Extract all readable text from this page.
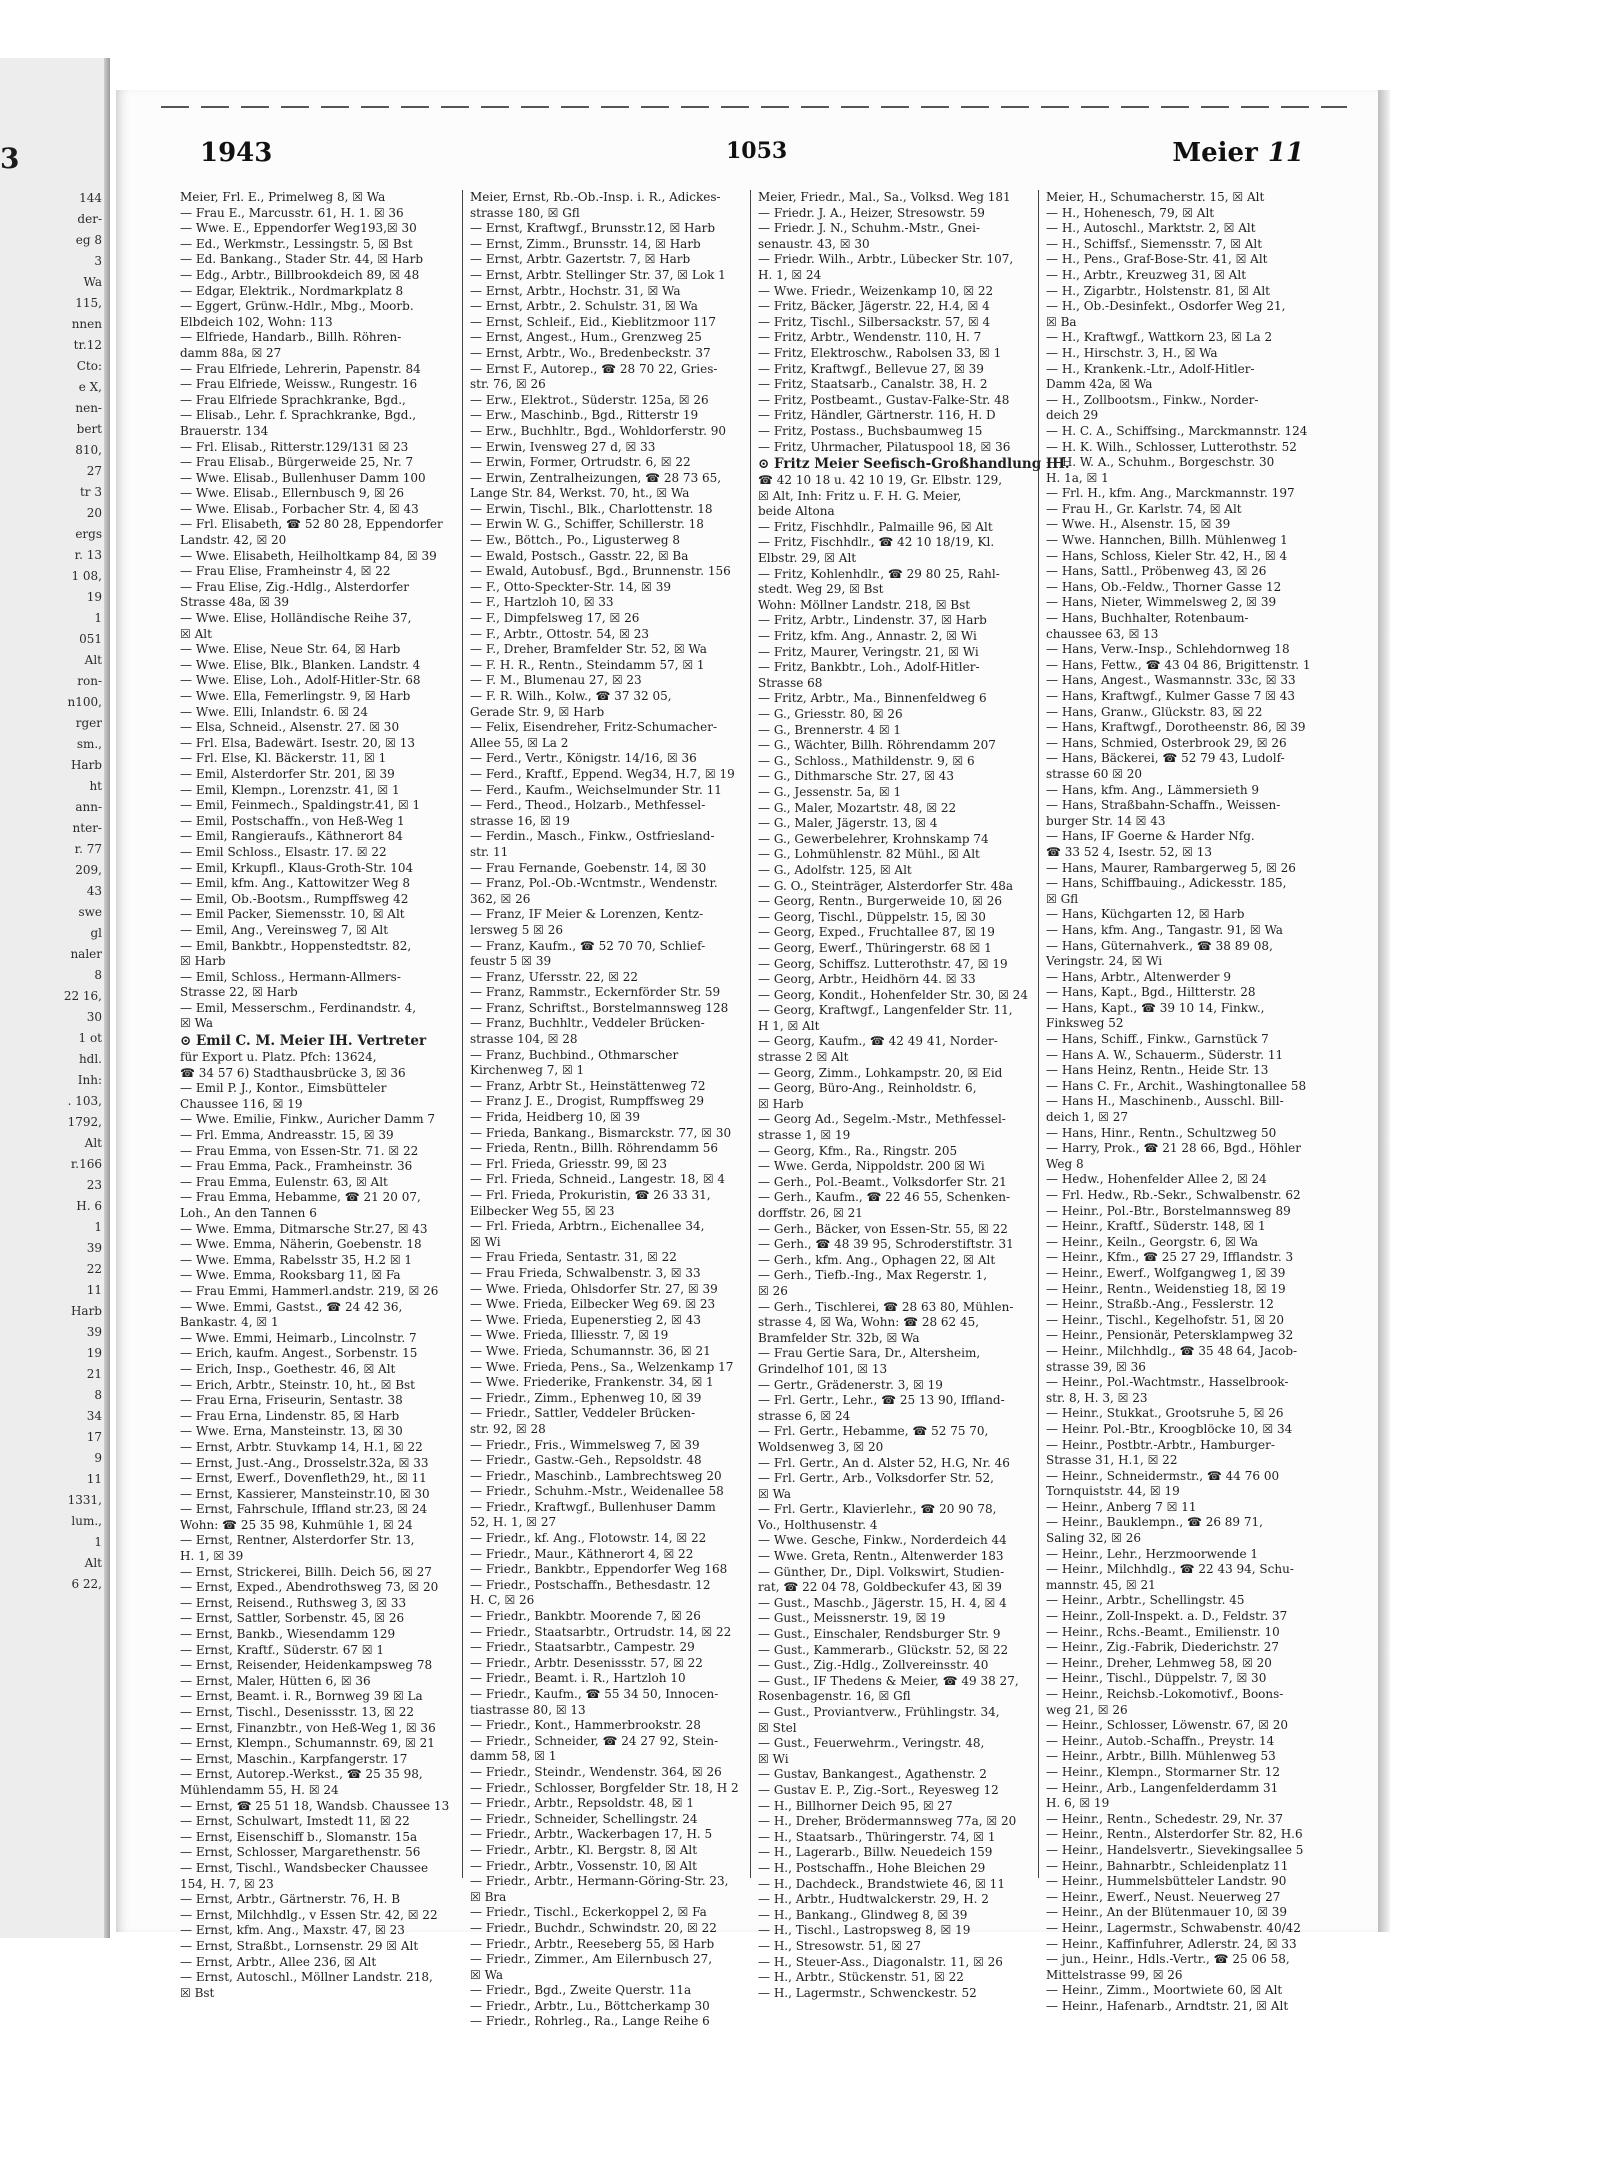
3
144
der-
eg 8
3
Wa
115,
nnen
tr.12
Cto:
e X,
nen-
bert
810,
27
tr 3
20
ergs
r. 13
1 08,
19
1
051
Alt
ron-
n100,
rger
sm.,
Harb
ht
ann-
nter-
r. 77
209,
43
swe
gl
naler
8
22 16,
30
1 ot
hdl.
Inh:
. 103,
1792,
Alt
r.166
23
H. 6
1
39
22
11
Harb
39
19
21
8
34
17
9
11
1331,
lum.,
1
Alt
6 22,
1943	1053	Meier 11
Meier, Frl. E., Primelweg 8, ☒ Wa
— Frau E., Marcusstr. 61, H. 1. ☒ 36
— Wwe. E., Eppendorfer Weg193,☒ 30
— Ed., Werkmstr., Lessingstr. 5, ☒ Bst
— Ed. Bankang., Stader Str. 44, ☒ Harb
— Edg., Arbtr., Billbrookdeich 89, ☒ 48
— Edgar, Elektrik., Nordmarkplatz 8
— Eggert, Grünw.-Hdlr., Mbg., Moorb.
Elbdeich 102, Wohn: 113
— Elfriede, Handarb., Billh. Röhren-
damm 88a, ☒ 27
— Frau Elfriede, Lehrerin, Papenstr. 84
— Frau Elfriede, Weissw., Rungestr. 16
— Frau Elfriede Sprachkranke, Bgd.,
— Elisab., Lehr. f. Sprachkranke, Bgd.,
Brauerstr. 134
— Frl. Elisab., Ritterstr.129/131 ☒ 23
— Frau Elisab., Bürgerweide 25, Nr. 7
— Wwe. Elisab., Bullenhuser Damm 100
— Wwe. Elisab., Ellernbusch 9, ☒ 26
— Wwe. Elisab., Forbacher Str. 4, ☒ 43
— Frl. Elisabeth, ☎ 52 80 28, Eppendorfer
Landstr. 42, ☒ 20
— Wwe. Elisabeth, Heilholtkamp 84, ☒ 39
— Frau Elise, Framheinstr 4, ☒ 22
— Frau Elise, Zig.-Hdlg., Alsterdorfer
Strasse 48a, ☒ 39
— Wwe. Elise, Holländische Reihe 37,
☒ Alt
— Wwe. Elise, Neue Str. 64, ☒ Harb
— Wwe. Elise, Blk., Blanken. Landstr. 4
— Wwe. Elise, Loh., Adolf-Hitler-Str. 68
— Wwe. Ella, Femerlingstr. 9, ☒ Harb
— Wwe. Elli, Inlandstr. 6. ☒ 24
— Elsa, Schneid., Alsenstr. 27. ☒ 30
— Frl. Elsa, Badewärt. Isestr. 20, ☒ 13
— Frl. Else, Kl. Bäckerstr. 11, ☒ 1
— Emil, Alsterdorfer Str. 201, ☒ 39
— Emil, Klempn., Lorenzstr. 41, ☒ 1
— Emil, Feinmech., Spaldingstr.41, ☒ 1
— Emil, Postschaffn., von Heß-Weg 1
— Emil, Rangieraufs., Käthnerort 84
— Emil Schloss., Elsastr. 17. ☒ 22
— Emil, Krkupfl., Klaus-Groth-Str. 104
— Emil, kfm. Ang., Kattowitzer Weg 8
— Emil, Ob.-Bootsm., Rumpffsweg 42
— Emil Packer, Siemensstr. 10, ☒ Alt
— Emil, Ang., Vereinsweg 7, ☒ Alt
— Emil, Bankbtr., Hoppenstedtstr. 82,
☒ Harb
— Emil, Schloss., Hermann-Allmers-
Strasse 22, ☒ Harb
— Emil, Messerschm., Ferdinandstr. 4,
☒ Wa
⊙ Emil C. M. Meier IH. Vertreter
für Export u. Platz. Pfch: 13624,
☎ 34 57 6) Stadthausbrücke 3, ☒ 36
— Emil P. J., Kontor., Eimsbütteler
Chaussee 116, ☒ 19
— Wwe. Emilie, Finkw., Auricher Damm 7
— Frl. Emma, Andreasstr. 15, ☒ 39
— Frau Emma, von Essen-Str. 71. ☒ 22
— Frau Emma, Pack., Framheinstr. 36
— Frau Emma, Eulenstr. 63, ☒ Alt
— Frau Emma, Hebamme, ☎ 21 20 07,
Loh., An den Tannen 6
— Wwe. Emma, Ditmarsche Str.27, ☒ 43
— Wwe. Emma, Näherin, Goebenstr. 18
— Wwe. Emma, Rabelsstr 35, H.2 ☒ 1
— Wwe. Emma, Rooksbarg 11, ☒ Fa
— Frau Emmi, Hammerl.andstr. 219, ☒ 26
— Wwe. Emmi, Gastst., ☎ 24 42 36,
Bankastr. 4, ☒ 1
— Wwe. Emmi, Heimarb., Lincolnstr. 7
— Erich, kaufm. Angest., Sorbenstr. 15
— Erich, Insp., Goethestr. 46, ☒ Alt
— Erich, Arbtr., Steinstr. 10, ht., ☒ Bst
— Frau Erna, Friseurin, Sentastr. 38
— Frau Erna, Lindenstr. 85, ☒ Harb
— Wwe. Erna, Mansteinstr. 13, ☒ 30
— Ernst, Arbtr. Stuvkamp 14, H.1, ☒ 22
— Ernst, Just.-Ang., Drosselstr.32a, ☒ 33
— Ernst, Ewerf., Dovenfleth29, ht., ☒ 11
— Ernst, Kassierer, Mansteinstr.10, ☒ 30
— Ernst, Fahrschule, Iffland str.23, ☒ 24
Wohn: ☎ 25 35 98, Kuhmühle 1, ☒ 24
— Ernst, Rentner, Alsterdorfer Str. 13,
H. 1, ☒ 39
— Ernst, Strickerei, Billh. Deich 56, ☒ 27
— Ernst, Exped., Abendrothsweg 73, ☒ 20
— Ernst, Reisend., Ruthsweg 3, ☒ 33
— Ernst, Sattler, Sorbenstr. 45, ☒ 26
— Ernst, Bankb., Wiesendamm 129
— Ernst, Kraftf., Süderstr. 67 ☒ 1
— Ernst, Reisender, Heidenkampsweg 78
— Ernst, Maler, Hütten 6, ☒ 36
— Ernst, Beamt. i. R., Bornweg 39 ☒ La
— Ernst, Tischl., Desenissstr. 13, ☒ 22
— Ernst, Finanzbtr., von Heß-Weg 1, ☒ 36
— Ernst, Klempn., Schumannstr. 69, ☒ 21
— Ernst, Maschin., Karpfangerstr. 17
— Ernst, Autorep.-Werkst., ☎ 25 35 98,
Mühlendamm 55, H. ☒ 24
— Ernst, ☎ 25 51 18, Wandsb. Chaussee 13
— Ernst, Schulwart, Imstedt 11, ☒ 22
— Ernst, Eisenschiff b., Slomanstr. 15a
— Ernst, Schlosser, Margarethenstr. 56
— Ernst, Tischl., Wandsbecker Chaussee
154, H. 7, ☒ 23
— Ernst, Arbtr., Gärtnerstr. 76, H. B
— Ernst, Milchhdlg., v Essen Str. 42, ☒ 22
— Ernst, kfm. Ang., Maxstr. 47, ☒ 23
— Ernst, Straßbt., Lornsenstr. 29 ☒ Alt
— Ernst, Arbtr., Allee 236, ☒ Alt
— Ernst, Autoschl., Möllner Landstr. 218,
☒ Bst
Meier, Ernst, Rb.-Ob.-Insp. i. R., Adickes-
strasse 180, ☒ Gfl
— Ernst, Kraftwgf., Brunsstr.12, ☒ Harb
— Ernst, Zimm., Brunsstr. 14, ☒ Harb
— Ernst, Arbtr. Gazertstr. 7, ☒ Harb
— Ernst, Arbtr. Stellinger Str. 37, ☒ Lok 1
— Ernst, Arbtr., Hochstr. 31, ☒ Wa
— Ernst, Arbtr., 2. Schulstr. 31, ☒ Wa
— Ernst, Schleif., Eid., Kieblitzmoor 117
— Ernst, Angest., Hum., Grenzweg 25
— Ernst, Arbtr., Wo., Bredenbeckstr. 37
— Ernst F., Autorep., ☎ 28 70 22, Gries-
str. 76, ☒ 26
— Erw., Elektrot., Süderstr. 125a, ☒ 26
— Erw., Maschinb., Bgd., Ritterstr 19
— Erw., Buchhltr., Bgd., Wohldorferstr. 90
— Erwin, Ivensweg 27 d, ☒ 33
— Erwin, Former, Ortrudstr. 6, ☒ 22
— Erwin, Zentralheizungen, ☎ 28 73 65,
Lange Str. 84, Werkst. 70, ht., ☒ Wa
— Erwin, Tischl., Blk., Charlottenstr. 18
— Erwin W. G., Schiffer, Schillerstr. 18
— Ew., Böttch., Po., Ligusterweg 8
— Ewald, Postsch., Gasstr. 22, ☒ Ba
— Ewald, Autobusf., Bgd., Brunnenstr. 156
— F., Otto-Speckter-Str. 14, ☒ 39
— F., Hartzloh 10, ☒ 33
— F., Dimpfelsweg 17, ☒ 26
— F., Arbtr., Ottostr. 54, ☒ 23
— F., Dreher, Bramfelder Str. 52, ☒ Wa
— F. H. R., Rentn., Steindamm 57, ☒ 1
— F. M., Blumenau 27, ☒ 23
— F. R. Wilh., Kolw., ☎ 37 32 05,
Gerade Str. 9, ☒ Harb
— Felix, Eisendreher, Fritz-Schumacher-
Allee 55, ☒ La 2
— Ferd., Vertr., Königstr. 14/16, ☒ 36
— Ferd., Kraftf., Eppend. Weg34, H.7, ☒ 19
— Ferd., Kaufm., Weichselmunder Str. 11
— Ferd., Theod., Holzarb., Methfessel-
strasse 16, ☒ 19
— Ferdin., Masch., Finkw., Ostfriesland-
str. 11
— Frau Fernande, Goebenstr. 14, ☒ 30
— Franz, Pol.-Ob.-Wcntmstr., Wendenstr.
362, ☒ 26
— Franz, IF Meier & Lorenzen, Kentz-
lersweg 5 ☒ 26
— Franz, Kaufm., ☎ 52 70 70, Schlief-
feustr 5 ☒ 39
— Franz, Ufersstr. 22, ☒ 22
— Franz, Rammstr., Eckernförder Str. 59
— Franz, Schriftst., Borstelmannsweg 128
— Franz, Buchhltr., Veddeler Brücken-
strasse 104, ☒ 28
— Franz, Buchbind., Othmarscher
Kirchenweg 7, ☒ 1
— Franz, Arbtr St., Heinstättenweg 72
— Franz J. E., Drogist, Rumpffsweg 29
— Frida, Heidberg 10, ☒ 39
— Frieda, Bankang., Bismarckstr. 77, ☒ 30
— Frieda, Rentn., Billh. Röhrendamm 56
— Frl. Frieda, Griesstr. 99, ☒ 23
— Frl. Frieda, Schneid., Langestr. 18, ☒ 4
— Frl. Frieda, Prokuristin, ☎ 26 33 31,
Eilbecker Weg 55, ☒ 23
— Frl. Frieda, Arbtrn., Eichenallee 34,
☒ Wi
— Frau Frieda, Sentastr. 31, ☒ 22
— Frau Frieda, Schwalbenstr. 3, ☒ 33
— Wwe. Frieda, Ohlsdorfer Str. 27, ☒ 39
— Wwe. Frieda, Eilbecker Weg 69. ☒ 23
— Wwe. Frieda, Eupenerstieg 2, ☒ 43
— Wwe. Frieda, Illiesstr. 7, ☒ 19
— Wwe. Frieda, Schumannstr. 36, ☒ 21
— Wwe. Frieda, Pens., Sa., Welzenkamp 17
— Wwe. Friederike, Frankenstr. 34, ☒ 1
— Friedr., Zimm., Ephenweg 10, ☒ 39
— Friedr., Sattler, Veddeler Brücken-
str. 92, ☒ 28
— Friedr., Fris., Wimmelsweg 7, ☒ 39
— Friedr., Gastw.-Geh., Repsoldstr. 48
— Friedr., Maschinb., Lambrechtsweg 20
— Friedr., Schuhm.-Mstr., Weidenallee 58
— Friedr., Kraftwgf., Bullenhuser Damm
52, H. 1, ☒ 27
— Friedr., kf. Ang., Flotowstr. 14, ☒ 22
— Friedr., Maur., Käthnerort 4, ☒ 22
— Friedr., Bankbtr., Eppendorfer Weg 168
— Friedr., Postschaffn., Bethesdastr. 12
H. C, ☒ 26
— Friedr., Bankbtr. Moorende 7, ☒ 26
— Friedr., Staatsarbtr., Ortrudstr. 14, ☒ 22
— Friedr., Staatsarbtr., Campestr. 29
— Friedr., Arbtr. Desenissstr. 57, ☒ 22
— Friedr., Beamt. i. R., Hartzloh 10
— Friedr., Kaufm., ☎ 55 34 50, Innocen-
tiastrasse 80, ☒ 13
— Friedr., Kont., Hammerbrookstr. 28
— Friedr., Schneider, ☎ 24 27 92, Stein-
damm 58, ☒ 1
— Friedr., Steindr., Wendenstr. 364, ☒ 26
— Friedr., Schlosser, Borgfelder Str. 18, H 2
— Friedr., Arbtr., Repsoldstr. 48, ☒ 1
— Friedr., Schneider, Schellingstr. 24
— Friedr., Arbtr., Wackerbagen 17, H. 5
— Friedr., Arbtr., Kl. Bergstr. 8, ☒ Alt
— Friedr., Arbtr., Vossenstr. 10, ☒ Alt
— Friedr., Arbtr., Hermann-Göring-Str. 23,
☒ Bra
— Friedr., Tischl., Eckerkoppel 2, ☒ Fa
— Friedr., Buchdr., Schwindstr. 20, ☒ 22
— Friedr., Arbtr., Reeseberg 55, ☒ Harb
— Friedr., Zimmer., Am Eilernbusch 27,
☒ Wa
— Friedr., Bgd., Zweite Querstr. 11a
— Friedr., Arbtr., Lu., Böttcherkamp 30
— Friedr., Rohrleg., Ra., Lange Reihe 6
Meier, Friedr., Mal., Sa., Volksd. Weg 181
— Friedr. J. A., Heizer, Stresowstr. 59
— Friedr. J. N., Schuhm.-Mstr., Gnei-
senaustr. 43, ☒ 30
— Friedr. Wilh., Arbtr., Lübecker Str. 107,
H. 1, ☒ 24
— Wwe. Friedr., Weizenkamp 10, ☒ 22
— Fritz, Bäcker, Jägerstr. 22, H.4, ☒ 4
— Fritz, Tischl., Silbersackstr. 57, ☒ 4
— Fritz, Arbtr., Wendenstr. 110, H. 7
— Fritz, Elektroschw., Rabolsen 33, ☒ 1
— Fritz, Kraftwgf., Bellevue 27, ☒ 39
— Fritz, Staatsarb., Canalstr. 38, H. 2
— Fritz, Postbeamt., Gustav-Falke-Str. 48
— Fritz, Händler, Gärtnerstr. 116, H. D
— Fritz, Postass., Buchsbaumweg 15
— Fritz, Uhrmacher, Pilatuspool 18, ☒ 36
⊙ Fritz Meier Seefisch-Großhandlung IH.
☎ 42 10 18 u. 42 10 19, Gr. Elbstr. 129,
☒ Alt, Inh: Fritz u. F. H. G. Meier,
beide Altona
— Fritz, Fischhdlr., Palmaille 96, ☒ Alt
— Fritz, Fischhdlr., ☎ 42 10 18/19, Kl.
Elbstr. 29, ☒ Alt
— Fritz, Kohlenhdlr., ☎ 29 80 25, Rahl-
stedt. Weg 29, ☒ Bst
Wohn: Möllner Landstr. 218, ☒ Bst
— Fritz, Arbtr., Lindenstr. 37, ☒ Harb
— Fritz, kfm. Ang., Annastr. 2, ☒ Wi
— Fritz, Maurer, Veringstr. 21, ☒ Wi
— Fritz, Bankbtr., Loh., Adolf-Hitler-
Strasse 68
— Fritz, Arbtr., Ma., Binnenfeldweg 6
— G., Griesstr. 80, ☒ 26
— G., Brennerstr. 4 ☒ 1
— G., Wächter, Billh. Röhrendamm 207
— G., Schloss., Mathildenstr. 9, ☒ 6
— G., Dithmarsche Str. 27, ☒ 43
— G., Jessenstr. 5a, ☒ 1
— G., Maler, Mozartstr. 48, ☒ 22
— G., Maler, Jägerstr. 13, ☒ 4
— G., Gewerbelehrer, Krohnskamp 74
— G., Lohmühlenstr. 82 Mühl., ☒ Alt
— G., Adolfstr. 125, ☒ Alt
— G. O., Steinträger, Alsterdorfer Str. 48a
— Georg, Rentn., Burgerweide 10, ☒ 26
— Georg, Tischl., Düppelstr. 15, ☒ 30
— Georg, Exped., Fruchtallee 87, ☒ 19
— Georg, Ewerf., Thüringerstr. 68 ☒ 1
— Georg, Schiffsz. Lutterothstr. 47, ☒ 19
— Georg, Arbtr., Heidhörn 44. ☒ 33
— Georg, Kondit., Hohenfelder Str. 30, ☒ 24
— Georg, Kraftwgf., Langenfelder Str. 11,
H 1, ☒ Alt
— Georg, Kaufm., ☎ 42 49 41, Norder-
strasse 2 ☒ Alt
— Georg, Zimm., Lohkampstr. 20, ☒ Eid
— Georg, Büro-Ang., Reinholdstr. 6,
☒ Harb
— Georg Ad., Segelm.-Mstr., Methfessel-
strasse 1, ☒ 19
— Georg, Kfm., Ra., Ringstr. 205
— Wwe. Gerda, Nippoldstr. 200 ☒ Wi
— Gerh., Pol.-Beamt., Volksdorfer Str. 21
— Gerh., Kaufm., ☎ 22 46 55, Schenken-
dorffstr. 26, ☒ 21
— Gerh., Bäcker, von Essen-Str. 55, ☒ 22
— Gerh., ☎ 48 39 95, Schroderstiftstr. 31
— Gerh., kfm. Ang., Ophagen 22, ☒ Alt
— Gerh., Tiefb.-Ing., Max Regerstr. 1,
☒ 26
— Gerh., Tischlerei, ☎ 28 63 80, Mühlen-
strasse 4, ☒ Wa, Wohn: ☎ 28 62 45,
Bramfelder Str. 32b, ☒ Wa
— Frau Gertie Sara, Dr., Altersheim,
Grindelhof 101, ☒ 13
— Gertr., Grädenerstr. 3, ☒ 19
— Frl. Gertr., Lehr., ☎ 25 13 90, Iffland-
strasse 6, ☒ 24
— Frl. Gertr., Hebamme, ☎ 52 75 70,
Woldsenweg 3, ☒ 20
— Frl. Gertr., An d. Alster 52, H.G, Nr. 46
— Frl. Gertr., Arb., Volksdorfer Str. 52,
☒ Wa
— Frl. Gertr., Klavierlehr., ☎ 20 90 78,
Vo., Holthusenstr. 4
— Wwe. Gesche, Finkw., Norderdeich 44
— Wwe. Greta, Rentn., Altenwerder 183
— Günther, Dr., Dipl. Volkswirt, Studien-
rat, ☎ 22 04 78, Goldbeckufer 43, ☒ 39
— Gust., Maschb., Jägerstr. 15, H. 4, ☒ 4
— Gust., Meissnerstr. 19, ☒ 19
— Gust., Einschaler, Rendsburger Str. 9
— Gust., Kammerarb., Glückstr. 52, ☒ 22
— Gust., Zig.-Hdlg., Zollvereinsstr. 40
— Gust., IF Thedens & Meier, ☎ 49 38 27,
Rosenbagenstr. 16, ☒ Gfl
— Gust., Proviantverw., Frühlingstr. 34,
☒ Stel
— Gust., Feuerwehrm., Veringstr. 48,
☒ Wi
— Gustav, Bankangest., Agathenstr. 2
— Gustav E. P., Zig.-Sort., Reyesweg 12
— H., Billhorner Deich 95, ☒ 27
— H., Dreher, Brödermannsweg 77a, ☒ 20
— H., Staatsarb., Thüringerstr. 74, ☒ 1
— H., Lagerarb., Billw. Neuedeich 159
— H., Postschaffn., Hohe Bleichen 29
— H., Dachdeck., Brandstwiete 46, ☒ 11
— H., Arbtr., Hudtwalckerstr. 29, H. 2
— H., Bankang., Glindweg 8, ☒ 39
— H., Tischl., Lastropsweg 8, ☒ 19
— H., Stresowstr. 51, ☒ 27
— H., Steuer-Ass., Diagonalstr. 11, ☒ 26
— H., Arbtr., Stückenstr. 51, ☒ 22
— H., Lagermstr., Schwenckestr. 52
Meier, H., Schumacherstr. 15, ☒ Alt
— H., Hohenesch, 79, ☒ Alt
— H., Autoschl., Marktstr. 2, ☒ Alt
— H., Schiffsf., Siemensstr. 7, ☒ Alt
— H., Pens., Graf-Bose-Str. 41, ☒ Alt
— H., Arbtr., Kreuzweg 31, ☒ Alt
— H., Zigarbtr., Holstenstr. 81, ☒ Alt
— H., Ob.-Desinfekt., Osdorfer Weg 21,
☒ Ba
— H., Kraftwgf., Wattkorn 23, ☒ La 2
— H., Hirschstr. 3, H., ☒ Wa
— H., Krankenk.-Ltr., Adolf-Hitler-
Damm 42a, ☒ Wa
— H., Zollbootsm., Finkw., Norder-
deich 29
— H. C. A., Schiffsing., Marckmannstr. 124
— H. K. Wilh., Schlosser, Lutterothstr. 52
— H. W. A., Schuhm., Borgeschstr. 30
H. 1a, ☒ 1
— Frl. H., kfm. Ang., Marckmannstr. 197
— Frau H., Gr. Karlstr. 74, ☒ Alt
— Wwe. H., Alsenstr. 15, ☒ 39
— Wwe. Hannchen, Billh. Mühlenweg 1
— Hans, Schloss, Kieler Str. 42, H., ☒ 4
— Hans, Sattl., Pröbenweg 43, ☒ 26
— Hans, Ob.-Feldw., Thorner Gasse 12
— Hans, Nieter, Wimmelsweg 2, ☒ 39
— Hans, Buchhalter, Rotenbaum-
chaussee 63, ☒ 13
— Hans, Verw.-Insp., Schlehdornweg 18
— Hans, Fettw., ☎ 43 04 86, Brigittenstr. 1
— Hans, Angest., Wasmannstr. 33c, ☒ 33
— Hans, Kraftwgf., Kulmer Gasse 7 ☒ 43
— Hans, Granw., Glückstr. 83, ☒ 22
— Hans, Kraftwgf., Dorotheenstr. 86, ☒ 39
— Hans, Schmied, Osterbrook 29, ☒ 26
— Hans, Bäckerei, ☎ 52 79 43, Ludolf-
strasse 60 ☒ 20
— Hans, kfm. Ang., Lämmersieth 9
— Hans, Straßbahn-Schaffn., Weissen-
burger Str. 14 ☒ 43
— Hans, IF Goerne & Harder Nfg.
☎ 33 52 4, Isestr. 52, ☒ 13
— Hans, Maurer, Rambargerweg 5, ☒ 26
— Hans, Schiffbauing., Adickesstr. 185,
☒ Gfl
— Hans, Küchgarten 12, ☒ Harb
— Hans, kfm. Ang., Tangastr. 91, ☒ Wa
— Hans, Güternahverk., ☎ 38 89 08,
Veringstr. 24, ☒ Wi
— Hans, Arbtr., Altenwerder 9
— Hans, Kapt., Bgd., Hiltterstr. 28
— Hans, Kapt., ☎ 39 10 14, Finkw.,
Finksweg 52
— Hans, Schiff., Finkw., Garnstück 7
— Hans A. W., Schauerm., Süderstr. 11
— Hans Heinz, Rentn., Heide Str. 13
— Hans C. Fr., Archit., Washingtonallee 58
— Hans H., Maschinenb., Ausschl. Bill-
deich 1, ☒ 27
— Hans, Hinr., Rentn., Schultzweg 50
— Harry, Prok., ☎ 21 28 66, Bgd., Höhler
Weg 8
— Hedw., Hohenfelder Allee 2, ☒ 24
— Frl. Hedw., Rb.-Sekr., Schwalbenstr. 62
— Heinr., Pol.-Btr., Borstelmannsweg 89
— Heinr., Kraftf., Süderstr. 148, ☒ 1
— Heinr., Keiln., Georgstr. 6, ☒ Wa
— Heinr., Kfm., ☎ 25 27 29, Ifflandstr. 3
— Heinr., Ewerf., Wolfgangweg 1, ☒ 39
— Heinr., Rentn., Weidenstieg 18, ☒ 19
— Heinr., Straßb.-Ang., Fesslerstr. 12
— Heinr., Tischl., Kegelhofstr. 51, ☒ 20
— Heinr., Pensionär, Petersklampweg 32
— Heinr., Milchhdlg., ☎ 35 48 64, Jacob-
strasse 39, ☒ 36
— Heinr., Pol.-Wachtmstr., Hasselbrook-
str. 8, H. 3, ☒ 23
— Heinr., Stukkat., Grootsruhe 5, ☒ 26
— Heinr. Pol.-Btr., Kroogblöcke 10, ☒ 34
— Heinr., Postbtr.-Arbtr., Hamburger-
Strasse 31, H.1, ☒ 22
— Heinr., Schneidermstr., ☎ 44 76 00
Tornquiststr. 44, ☒ 19
— Heinr., Anberg 7 ☒ 11
— Heinr., Bauklempn., ☎ 26 89 71,
Saling 32, ☒ 26
— Heinr., Lehr., Herzmoorwende 1
— Heinr., Milchhdlg., ☎ 22 43 94, Schu-
mannstr. 45, ☒ 21
— Heinr., Arbtr., Schellingstr. 45
— Heinr., Zoll-Inspekt. a. D., Feldstr. 37
— Heinr., Rchs.-Beamt., Emilienstr. 10
— Heinr., Zig.-Fabrik, Diederichstr. 27
— Heinr., Dreher, Lehmweg 58, ☒ 20
— Heinr., Tischl., Düppelstr. 7, ☒ 30
— Heinr., Reichsb.-Lokomotivf., Boons-
weg 21, ☒ 26
— Heinr., Schlosser, Löwenstr. 67, ☒ 20
— Heinr., Autob.-Schaffn., Preystr. 14
— Heinr., Arbtr., Billh. Mühlenweg 53
— Heinr., Klempn., Stormarner Str. 12
— Heinr., Arb., Langenfelderdamm 31
H. 6, ☒ 19
— Heinr., Rentn., Schedestr. 29, Nr. 37
— Heinr., Rentn., Alsterdorfer Str. 82, H.6
— Heinr., Handelsvertr., Sievekingsallee 5
— Heinr., Bahnarbtr., Schleidenplatz 11
— Heinr., Hummelsbütteler Landstr. 90
— Heinr., Ewerf., Neust. Neuerweg 27
— Heinr., An der Blütenmauer 10, ☒ 39
— Heinr., Lagermstr., Schwabenstr. 40/42
— Heinr., Kaffinfuhrer, Adlerstr. 24, ☒ 33
— jun., Heinr., Hdls.-Vertr., ☎ 25 06 58,
Mittelstrasse 99, ☒ 26
— Heinr., Zimm., Moortwiete 60, ☒ Alt
— Heinr., Hafenarb., Arndtstr. 21, ☒ Alt
